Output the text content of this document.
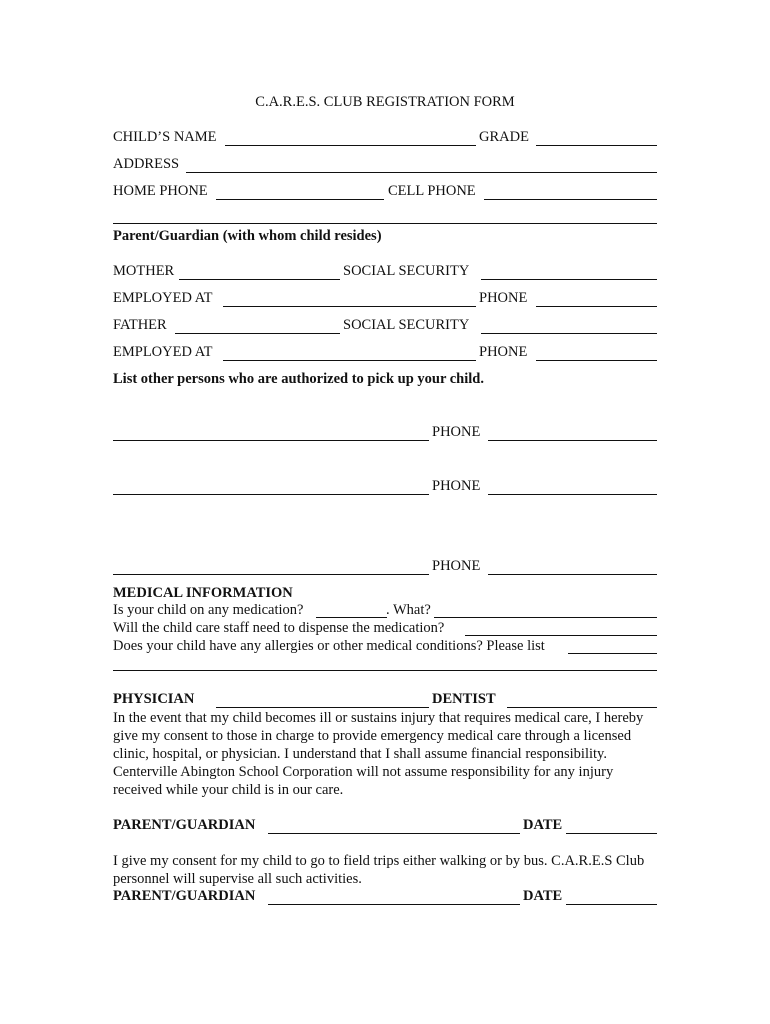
C.A.R.E.S. CLUB REGISTRATION FORM
CHILD’S NAME	GRADE
ADDRESS
HOME PHONE	CELL PHONE
Parent/Guardian (with whom child resides)
MOTHER	SOCIAL SECURITY
EMPLOYED AT	PHONE
FATHER	SOCIAL SECURITY
EMPLOYED AT	PHONE
List other persons who are authorized to pick up your child.
PHONE
PHONE
PHONE
MEDICAL INFORMATION
Is your child on any medication?	. What?
Will the child care staff need to dispense the medication?
Does your child have any allergies or other medical conditions? Please list
PHYSICIAN	DENTIST
In the event that my child becomes ill or sustains injury that requires medical care, I hereby give my consent to those in charge to provide emergency medical care through a licensed clinic, hospital, or physician. I understand that I shall assume financial responsibility. Centerville Abington School Corporation will not assume responsibility for any injury received while your child is in our care.
PARENT/GUARDIAN	DATE
I give my consent for my child to go to field trips either walking or by bus. C.A.R.E.S Club personnel will supervise all such activities.
PARENT/GUARDIAN	DATE
